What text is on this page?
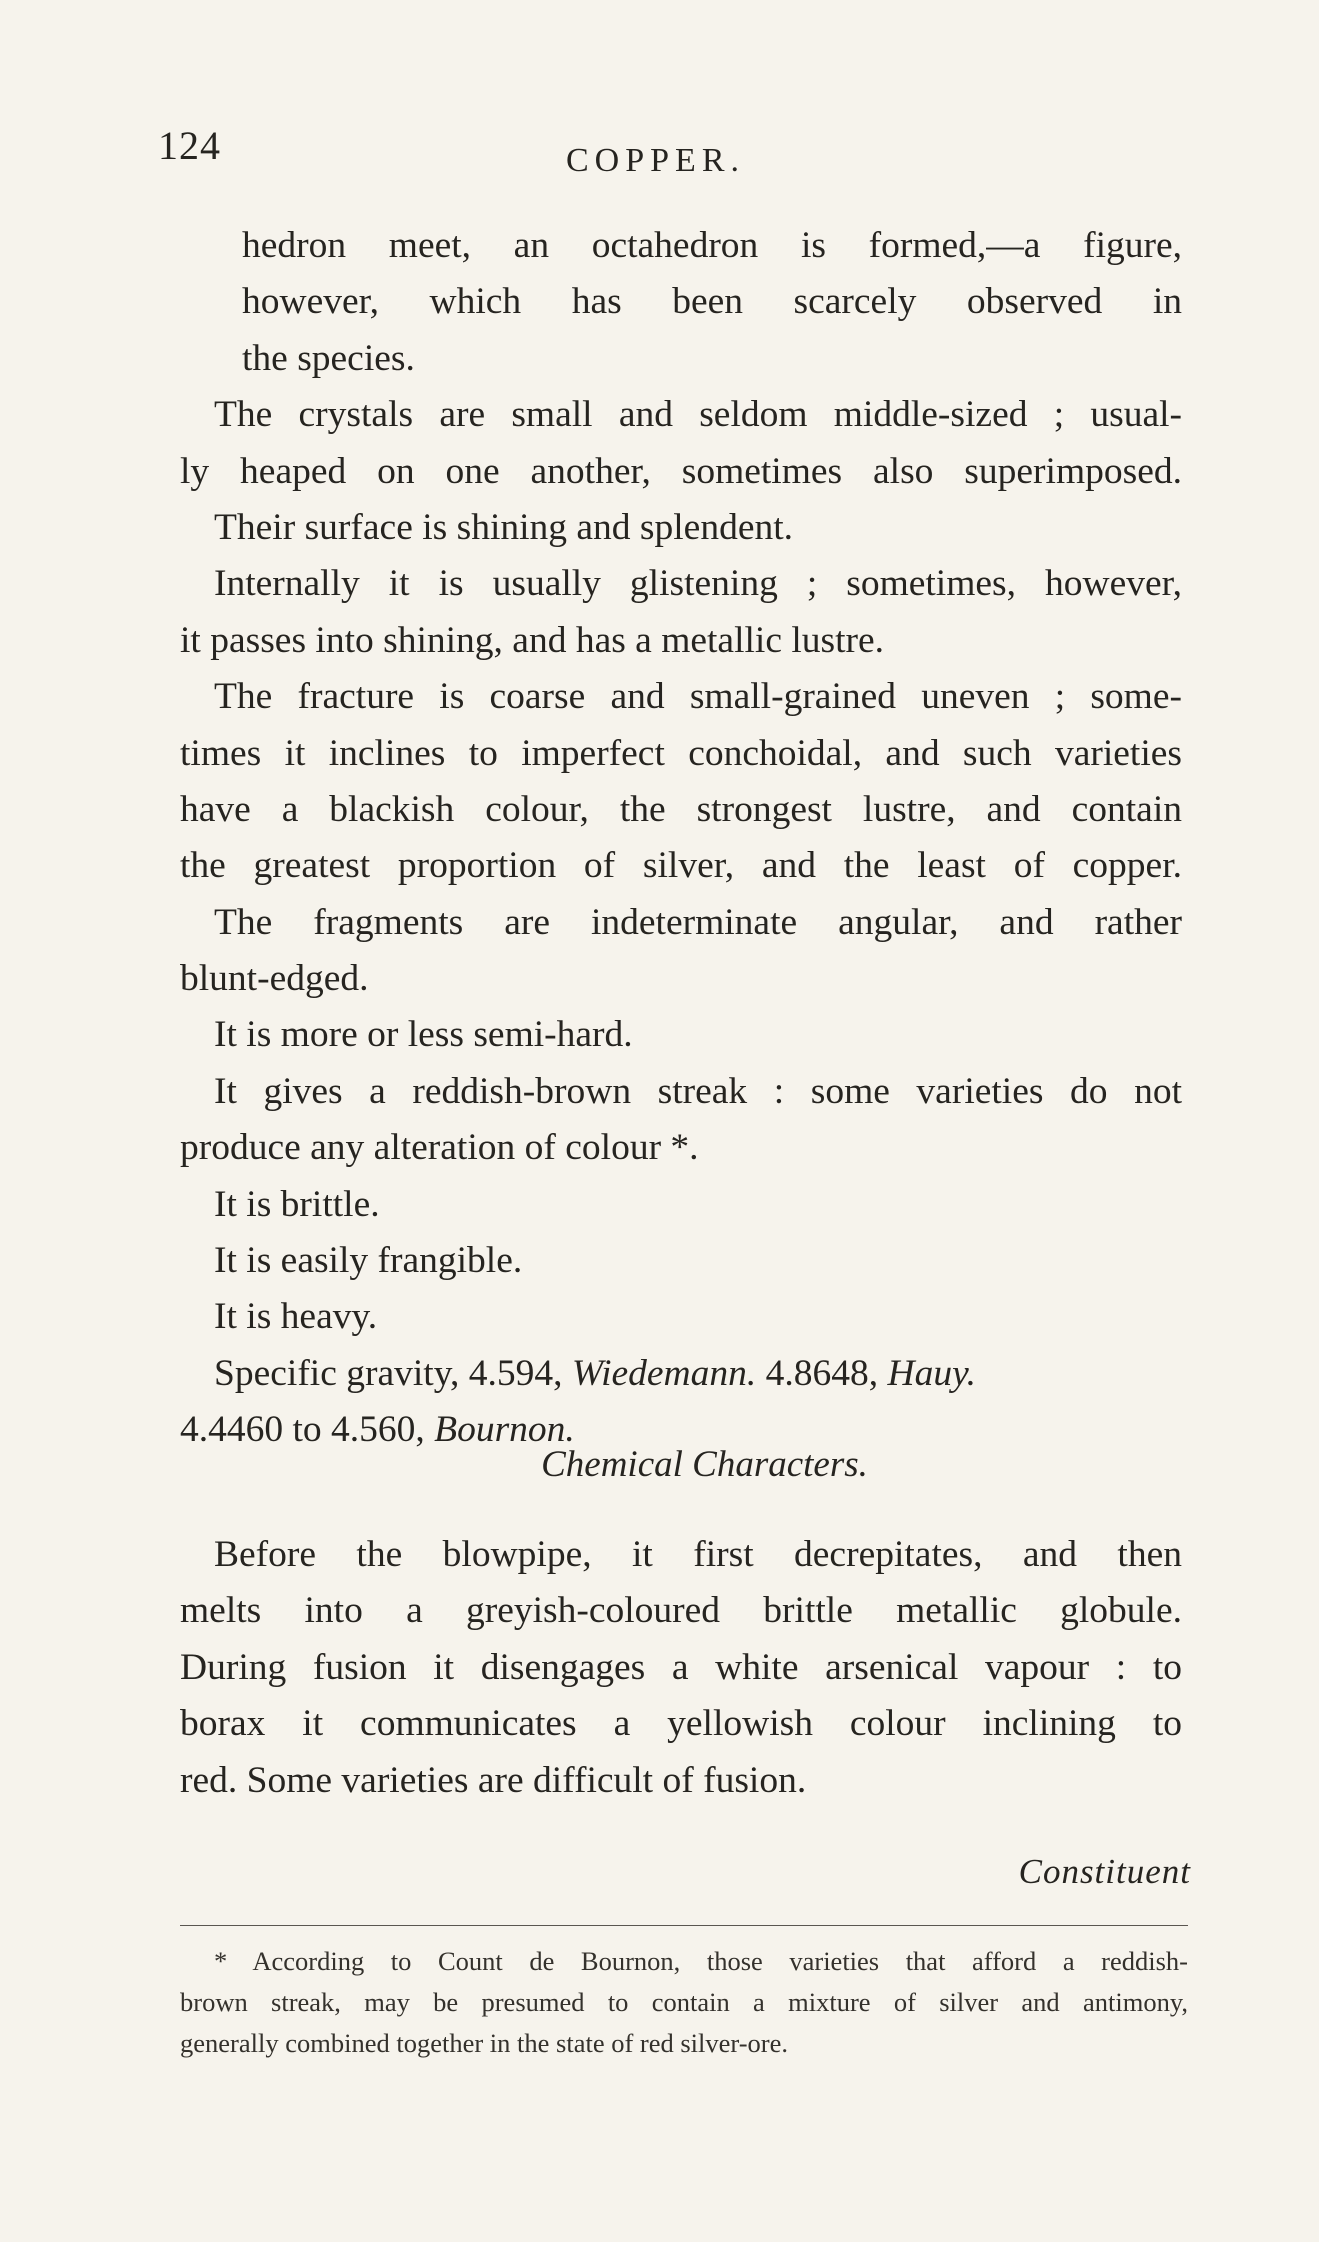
124	COPPER.
hedron meet, an octahedron is formed,—a figure,
however, which has been scarcely observed in
the species.
The crystals are small and seldom middle-sized ; usual-
ly heaped on one another, sometimes also superimposed.
Their surface is shining and splendent.
Internally it is usually glistening ; sometimes, however,
it passes into shining, and has a metallic lustre.
The fracture is coarse and small-grained uneven ; some-
times it inclines to imperfect conchoidal, and such varieties
have a blackish colour, the strongest lustre, and contain
the greatest proportion of silver, and the least of copper.
The fragments are indeterminate angular, and rather
blunt-edged.
It is more or less semi-hard.
It gives a reddish-brown streak : some varieties do not
produce any alteration of colour *.
It is brittle.
It is easily frangible.
It is heavy.
Specific gravity, 4.594, Wiedemann. 4.8648, Hauy.
4.4460 to 4.560, Bournon.
Chemical Characters.
Before the blowpipe, it first decrepitates, and then
melts into a greyish-coloured brittle metallic globule.
During fusion it disengages a white arsenical vapour : to
borax it communicates a yellowish colour inclining to
red. Some varieties are difficult of fusion.
Constituent
* According to Count de Bournon, those varieties that afford a reddish-
brown streak, may be presumed to contain a mixture of silver and antimony,
generally combined together in the state of red silver-ore.
